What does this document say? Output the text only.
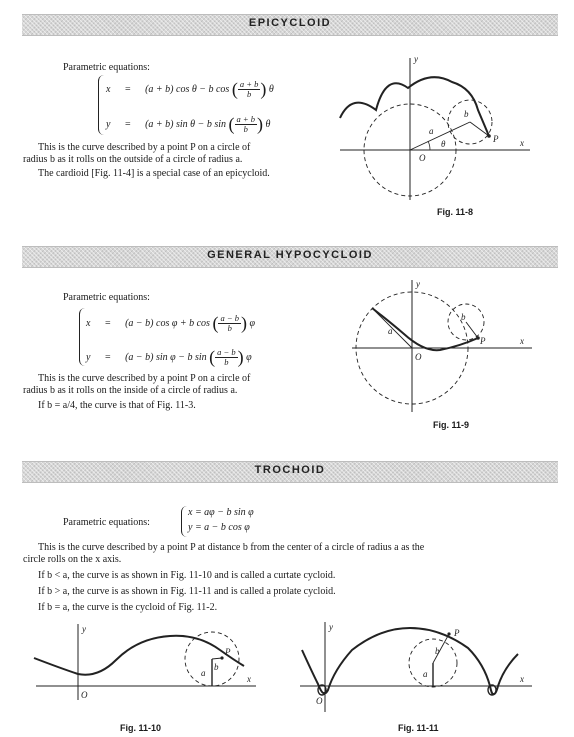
EPICYCLOID
Parametric equations:
x = (a + b) cos θ − b cos ( $\frac{a + b}{b}$ ) θ
y = (a + b) sin θ − b sin ( $\frac{a + b}{b}$ ) θ
This is the curve described by a point P on a circle of
radius b as it rolls on the outside of a circle of radius a.
The cardioid [Fig. 11-4] is a special case of an epicycloid.
y
x
O
a
b
P
θ
Fig. 11-8
GENERAL HYPOCYCLOID
Parametric equations:
x = (a − b) cos φ + b cos ( $\frac{a - b}{b}$ ) φ
y = (a − b) sin φ − b sin ( $\frac{a - b}{b}$ ) φ
This is the curve described by a point P on a circle of
radius b as it rolls on the inside of a circle of radius a.
If b = a/4, the curve is that of Fig. 11-3.
y
x
O
a
b
P
Fig. 11-9
TROCHOID
Parametric equations:
x = aφ − b sin φ
y = a − b cos φ
This is the curve described by a point P at distance b from the center of a circle of radius a as the
circle rolls on the x axis.
If b < a, the curve is as shown in Fig. 11-10 and is called a curtate cycloid.
If b > a, the curve is as shown in Fig. 11-11 and is called a prolate cycloid.
If b = a, the curve is the cycloid of Fig. 11-2.
y
x
O
a
b
P
Fig. 11-10
y
x
O
a
b
P
Fig. 11-11
